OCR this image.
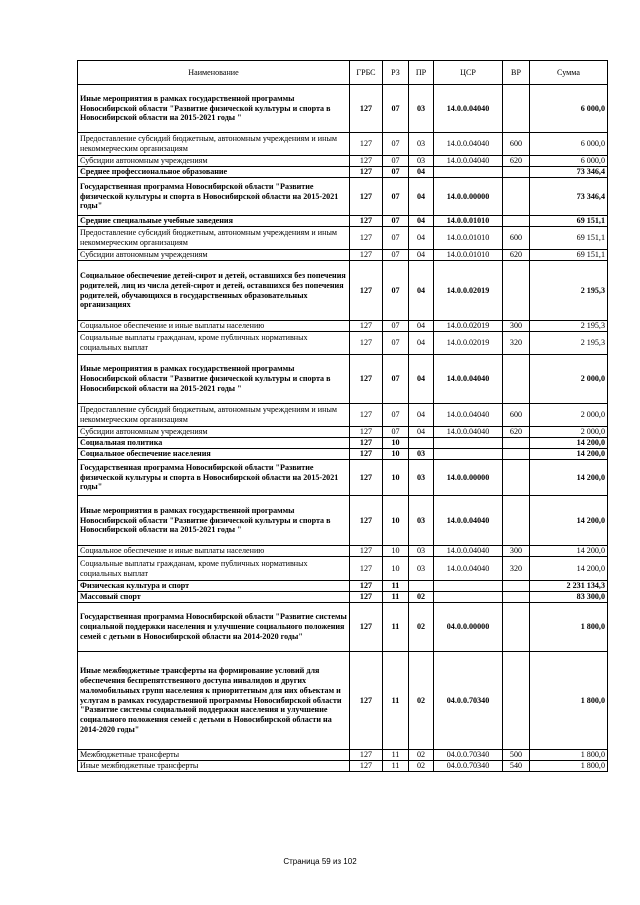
Наименование	ГРБС	РЗ	ПР	ЦСР	ВР	Сумма
Иные мероприятия в рамках государственной программы Новосибирской области "Развитие физической культуры и спорта в Новосибирской области на 2015-2021 годы "	127	07	03	14.0.0.04040		6 000,0
Предоставление субсидий бюджетным, автономным учреждениям и иным некоммерческим организациям	127	07	03	14.0.0.04040	600	6 000,0
Субсидии автономным учреждениям	127	07	03	14.0.0.04040	620	6 000,0
Среднее профессиональное образование	127	07	04			73 346,4
Государственная программа Новосибирской области "Развитие физической культуры и спорта в Новосибирской области на 2015-2021 годы"	127	07	04	14.0.0.00000		73 346,4
Средние специальные учебные заведения	127	07	04	14.0.0.01010		69 151,1
Предоставление субсидий бюджетным, автономным учреждениям и иным некоммерческим организациям	127	07	04	14.0.0.01010	600	69 151,1
Субсидии автономным учреждениям	127	07	04	14.0.0.01010	620	69 151,1
Социальное обеспечение детей-сирот и детей, оставшихся без попечения родителей, лиц из числа детей-сирот и детей, оставшихся без попечения родителей, обучающихся в государственных образовательных организациях	127	07	04	14.0.0.02019		2 195,3
Социальное обеспечение и иные выплаты населению	127	07	04	14.0.0.02019	300	2 195,3
Социальные выплаты гражданам, кроме публичных нормативных социальных выплат	127	07	04	14.0.0.02019	320	2 195,3
Иные мероприятия в рамках государственной программы Новосибирской области "Развитие физической культуры и спорта в Новосибирской области на 2015-2021 годы "	127	07	04	14.0.0.04040		2 000,0
Предоставление субсидий бюджетным, автономным учреждениям и иным некоммерческим организациям	127	07	04	14.0.0.04040	600	2 000,0
Субсидии автономным учреждениям	127	07	04	14.0.0.04040	620	2 000,0
Социальная политика	127	10				14 200,0
Социальное обеспечение населения	127	10	03			14 200,0
Государственная программа Новосибирской области "Развитие физической культуры и спорта в Новосибирской области на 2015-2021 годы"	127	10	03	14.0.0.00000		14 200,0
Иные мероприятия в рамках государственной программы Новосибирской области "Развитие физической культуры и спорта в Новосибирской области на 2015-2021 годы "	127	10	03	14.0.0.04040		14 200,0
Социальное обеспечение и иные выплаты населению	127	10	03	14.0.0.04040	300	14 200,0
Социальные выплаты гражданам, кроме публичных нормативных социальных выплат	127	10	03	14.0.0.04040	320	14 200,0
Физическая культура и спорт	127	11				2 231 134,3
Массовый спорт	127	11	02			83 300,0
Государственная программа Новосибирской области "Развитие системы социальной поддержки населения и улучшение социального положения семей с детьми в Новосибирской области на 2014-2020 годы"	127	11	02	04.0.0.00000		1 800,0
Иные межбюджетные трансферты на формирование условий для обеспечения беспрепятственного доступа инвалидов и других маломобильных групп населения к приоритетным для них объектам и услугам в рамках государственной программы Новосибирской области "Развитие системы социальной поддержки населения и улучшение социального положения семей с детьми в Новосибирской области на 2014-2020 годы"	127	11	02	04.0.0.70340		1 800,0
Межбюджетные трансферты	127	11	02	04.0.0.70340	500	1 800,0
Иные межбюджетные трансферты	127	11	02	04.0.0.70340	540	1 800,0
Страница 59 из 102
